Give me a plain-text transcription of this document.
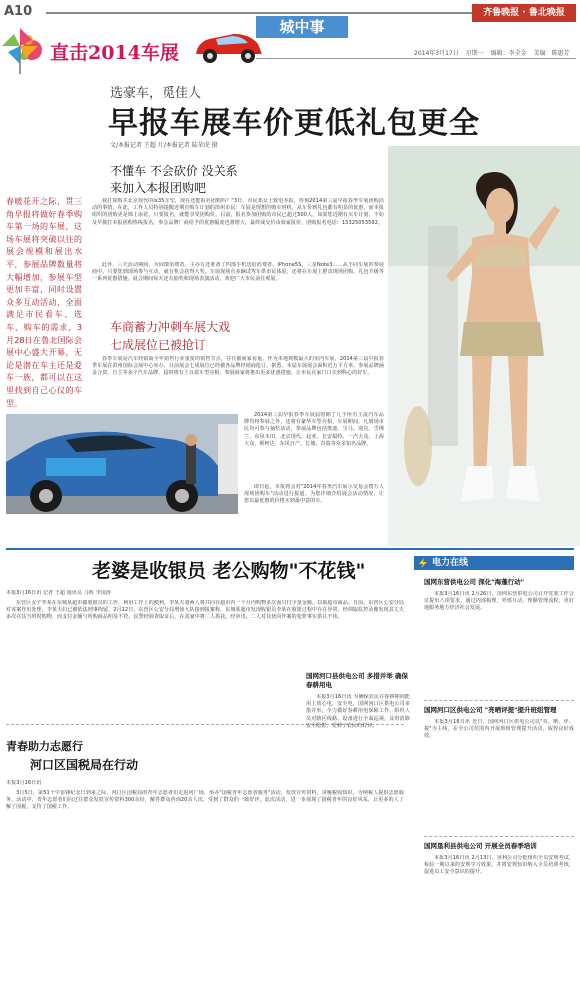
A10
直击2014车展
城中事
齐鲁晚报 · 鲁北晚报
2014年3月17日 星期一 编辑：李全金 美编：陈惠芳
选豪车，觅佳人
早报车展车价更低礼包更全
文/本报记者 王超 片/本报记者 陆荣虎 摄
不懂车 不会砍价 没关系
来加入本报团购吧
我打算购买北京现代的ix35车型，现在还能报名团购吗？"3日，市民郑女士致电本报，咨询2014第三届早报春季车展团购活动的事情。在此，工作人员特别提醒近期有购车计划的滨州市民：车展是理想的购车时机，从车价到礼包都有明显的优惠，而本报组织的团购更是锦上添花，只要报名，就能享受团购价。目前，报名参加团购的市民已超过500人，如果您近期有买车计划，不妨及早拨打本报团购热线报名。参会品牌厂商给予的优惠幅度也将增大，最终成交价由商家报价，团购报名电话：13325053592。
此外，三天活动期间，为回馈消费者，主办方还准备了四部手机送给消费者，iPhone5S、三星Note3……从不同车展的参展商中，只要您到现场参与互动，就有机会获得大奖。车展现场有多辆试驾车供市民体验，还将在车展上推出现场团购、礼包升级等一系列优惠措施。展会期间每天还有抽奖和现场表演活动，欢迎广大市民前往观展。
车商蓄力冲刺车展大戏
七成展位已被抢订
春季车展是汽车经销商全年销售行业重要的销售节点，往往被商家看重。作为本地规模最大的室内车展，2014第三届早报春季车展在滨州国际会展中心举办，目前展会七成展位已经被各品牌经销商抢订。据悉，本届车展展会面积近万平方米，参展品牌涵盖合资、自主等多个汽车品牌，届时将有上百款车型亮相，参展商家将推出更多优惠措施，让市民在家门口买到称心的好车。
2014第三届早报春季车展届时除了几乎所有主流汽车品牌均将参展之外，还将有豪华车型亮相，车展期间，凡到场市民均可参与抽奖活动，参展品牌包括奥迪、宝马、别克、雪佛兰、东风本田、北京现代、起亚、长安福特、一汽大众、上海大众、斯柯达、东风日产、长城、奇瑞等众多知名品牌。
即日起，本报将会对"2014年春季汽车展示交易会暨万人现场团购车"活动进行报道，为您详细介绍展会活动情况，让您以最优惠的价格买到最中意的车。
春暖花开之际，贯三角早报将做好春季购车第一场的车展，这场车展将突破以往的展会规模和展出水平，参展品牌数量将大幅增加，参展车型更加丰富，同时设置众多互动活动，全面满足市民看车、选车、购车的需求，3月28日在鲁北国际会展中心盛大开幕，无论是潜在车主还是爱车一族，都可以在这里找到自己心仪的车型。
老婆是收银员 老公购物"不花钱"
本报3月16日讯 记者 王超 通讯员 马辉 李国涛
东营区女子李某在东城某超市做收银员的工作，利用工作上的便利，李某夫妻两人将共同在超市内一个月内购物多次而只付少量金额，窃取超市商品。日前，东营区公安分局对该案作出处理，李某夫妇已被依法刑事拘留。2月12日，东营区公安分局刑侦大队接到报案称，东城某超市发现收银员李某在收银过程中存在异常，经调取监控录像发现其丈夫多次在其当班时购物，而支付金额与所购商品明显不符。民警经调查取证后，在其家中将二人抓获。经审讯，二人对其伙同作案的犯罪事实供认不讳。
青春助力志愿行
河口区国税局在行动
本报3月16日讯
3月5日，第51个学雷锋纪念日到来之际，河口区国税局的青年志愿者们走进河广场，举办"国税青年志愿者服务"活动，发放宣传资料，讲解税收知识，为纳税人提供志愿服务。活动中，青年志愿者们向过往群众发放宣传资料300余份，解答群众咨询20余人次，受到了群众的一致好评。此次活动，进一步展现了国税青年的良好风采，让更多的人了解了国税，支持了国税工作。
电力在线
国网东营供电公司 深化"海蓬行动"
本报3月16日讯 2月26日，国网东营供电公司召开党委工作会议提出八项要求，通过内部梳理，外部互动，理顺管理流程，更好地服务地方经济社会发展。
国网河口区供电公司 "亮晒评提"提升班组管理
本报3月16日讯 近日，国网河口区供电公司以"亮、晒、评、提"为主线，在全公司范围内开展班组管理提升活动，取得良好成效。
国网垦利县供电公司 开展全员春季培训
本报3月16日讯 2月13日，垦利公司分批组织全员安规考试，检验一期以来的安规学习效果，并将安规知识纳入全员培训考核，促进员工安全意识的提升。
国网河口县供电公司 多措并举 确保春耕用电
本报3月16日讯 为确保农民在春耕期间能用上放心电，安全电，国网河口区供电公司多措并举，全力做好春耕用电保障工作，组织人员对辖区线路、设备进行全面巡视，及时消除安全隐患，受到了农民的好评。
